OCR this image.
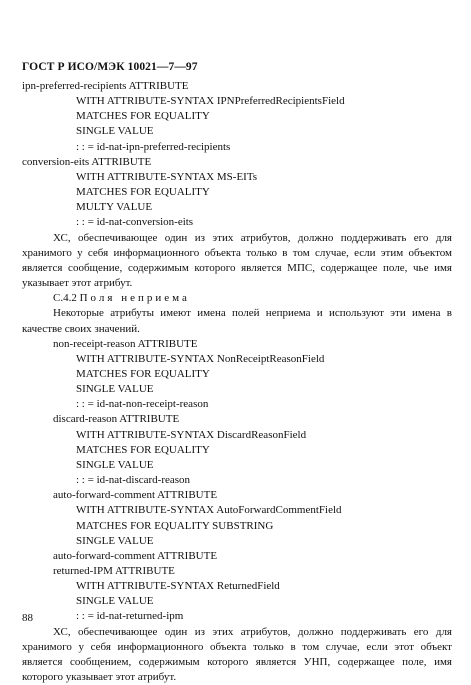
ГОСТ Р ИСО/МЭК 10021—7—97
ipn-preferred-recipients ATTRIBUTE
WITH ATTRIBUTE-SYNTAX IPNPreferredRecipientsField
MATCHES FOR EQUALITY
SINGLE VALUE
: : = id-nat-ipn-preferred-recipients
conversion-eits ATTRIBUTE
WITH ATTRIBUTE-SYNTAX MS-EITs
MATCHES FOR EQUALITY
MULTY VALUE
: : = id-nat-conversion-eits

ХС, обеспечивающее один из этих атрибутов, должно поддерживать его для хранимого у себя информационного объекта только в том случае, если этим объектом является сообщение, содержимым которого является МПС, содержащее поле, чье имя указывает этот атрибут.

С.4.2 Поля неприема

Некоторые атрибуты имеют имена полей неприема и используют эти имена в качестве своих значений.

non-receipt-reason ATTRIBUTE
WITH ATTRIBUTE-SYNTAX NonReceiptReasonField
MATCHES FOR EQUALITY
SINGLE VALUE
: : = id-nat-non-receipt-reason
discard-reason ATTRIBUTE
WITH ATTRIBUTE-SYNTAX DiscardReasonField
MATCHES FOR EQUALITY
SINGLE VALUE
: : = id-nat-discard-reason
auto-forward-comment ATTRIBUTE
WITH ATTRIBUTE-SYNTAX AutoForwardCommentField
MATCHES FOR EQUALITY SUBSTRING
SINGLE VALUE
auto-forward-comment ATTRIBUTE
returned-IPM ATTRIBUTE
WITH ATTRIBUTE-SYNTAX ReturnedField
SINGLE VALUE
: : = id-nat-returned-ipm

ХС, обеспечивающее один из этих атрибутов, должно поддерживать его для хранимого у себя информационного объекта только в том случае, если этот объект является сообщением, содержимым которого является УНП, содержащее поле, имя которого указывает этот атрибут.

88
